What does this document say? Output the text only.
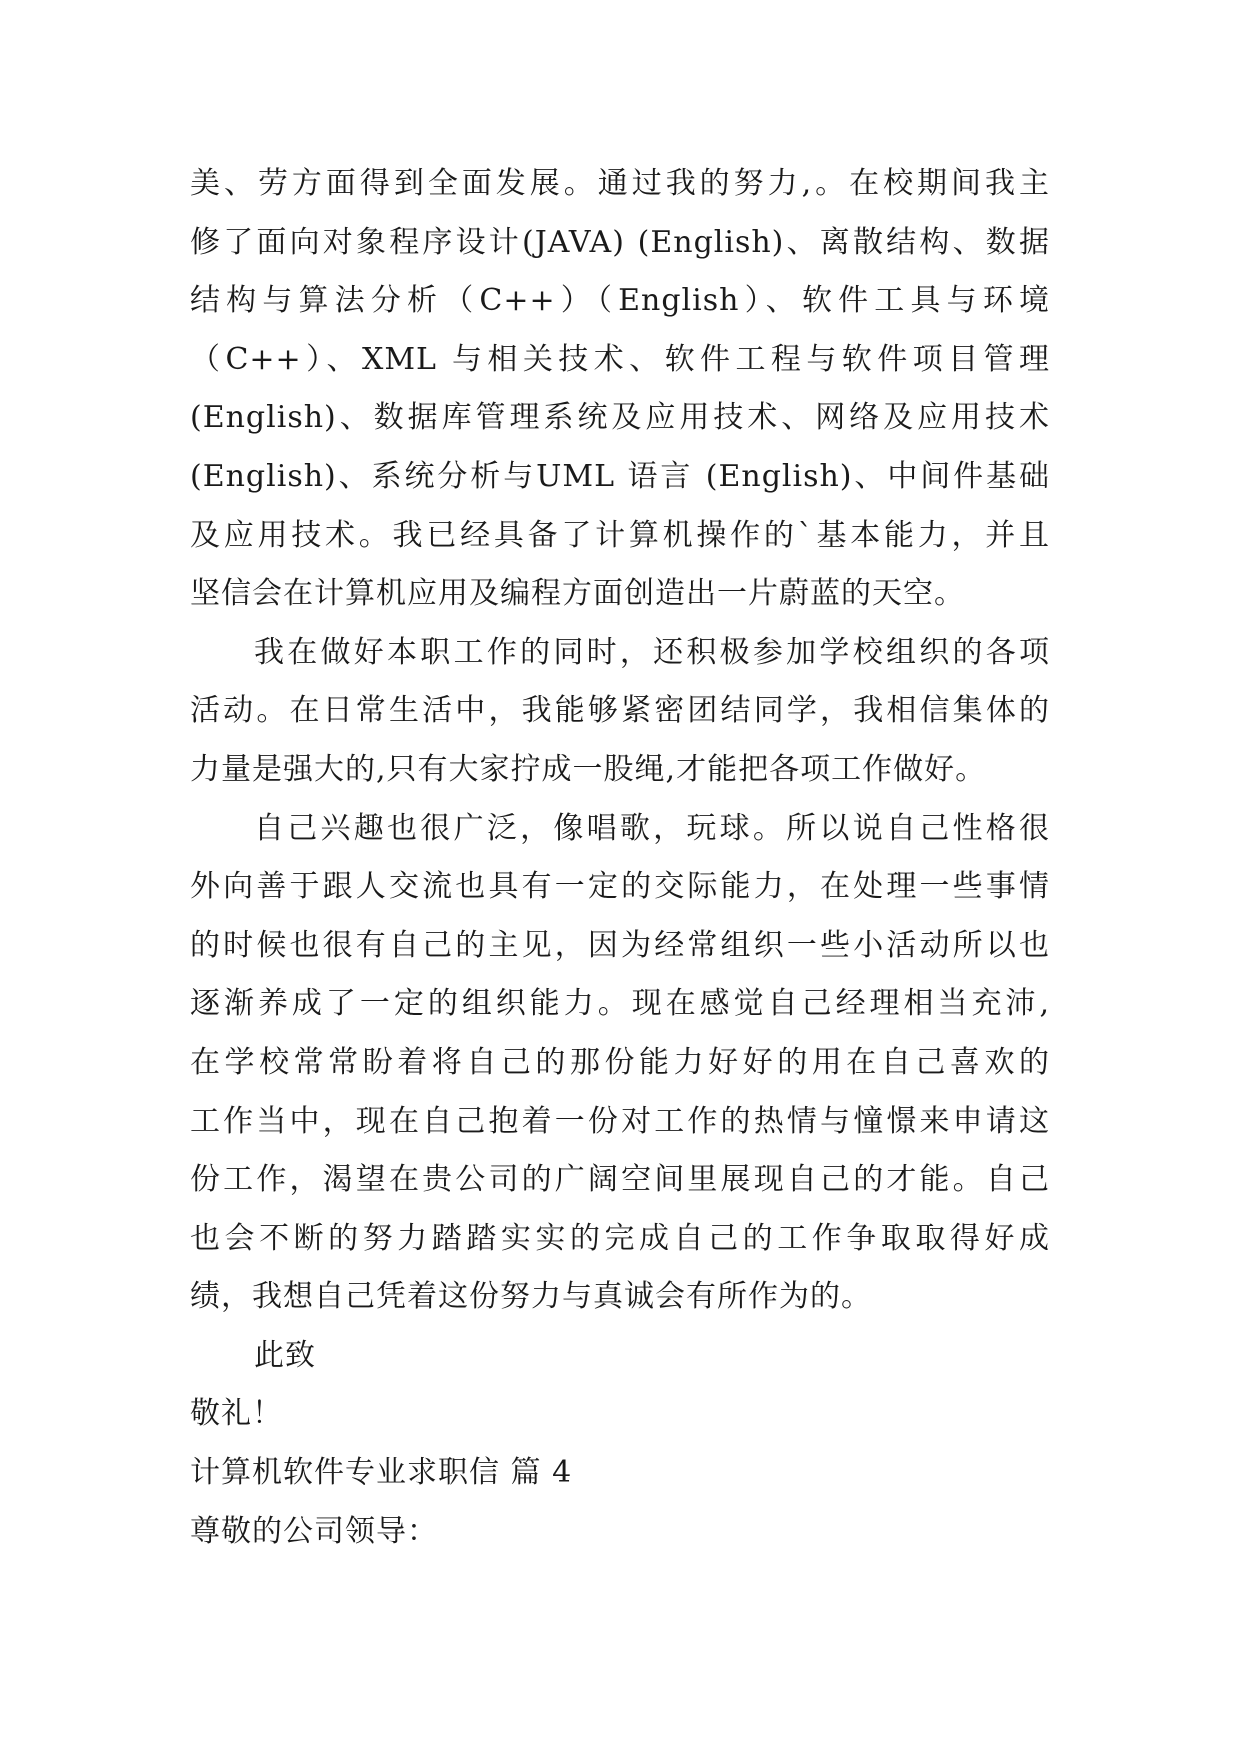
美、劳方面得到全面发展。通过我的努力,。在校期间我主
修了面向对象程序设计(JAVA) (English)、离散结构、数据
结构与算法分析（C++）（English）、软件工具与环境
（C++）、XML 与相关技术、软件工程与软件项目管理
(English)、数据库管理系统及应用技术、网络及应用技术
(English)、系统分析与UML 语言 (English)、中间件基础
及应用技术。我已经具备了计算机操作的`基本能力，并且
坚信会在计算机应用及编程方面创造出一片蔚蓝的天空。
我在做好本职工作的同时，还积极参加学校组织的各项
活动。在日常生活中，我能够紧密团结同学，我相信集体的
力量是强大的,只有大家拧成一股绳,才能把各项工作做好。
自己兴趣也很广泛，像唱歌，玩球。所以说自己性格很
外向善于跟人交流也具有一定的交际能力，在处理一些事情
的时候也很有自己的主见，因为经常组织一些小活动所以也
逐渐养成了一定的组织能力。现在感觉自己经理相当充沛,
在学校常常盼着将自己的那份能力好好的用在自己喜欢的
工作当中，现在自己抱着一份对工作的热情与憧憬来申请这
份工作，渴望在贵公司的广阔空间里展现自己的才能。自己
也会不断的努力踏踏实实的完成自己的工作争取取得好成
绩，我想自己凭着这份努力与真诚会有所作为的。
此致
敬礼！
计算机软件专业求职信 篇 4
尊敬的公司领导：
